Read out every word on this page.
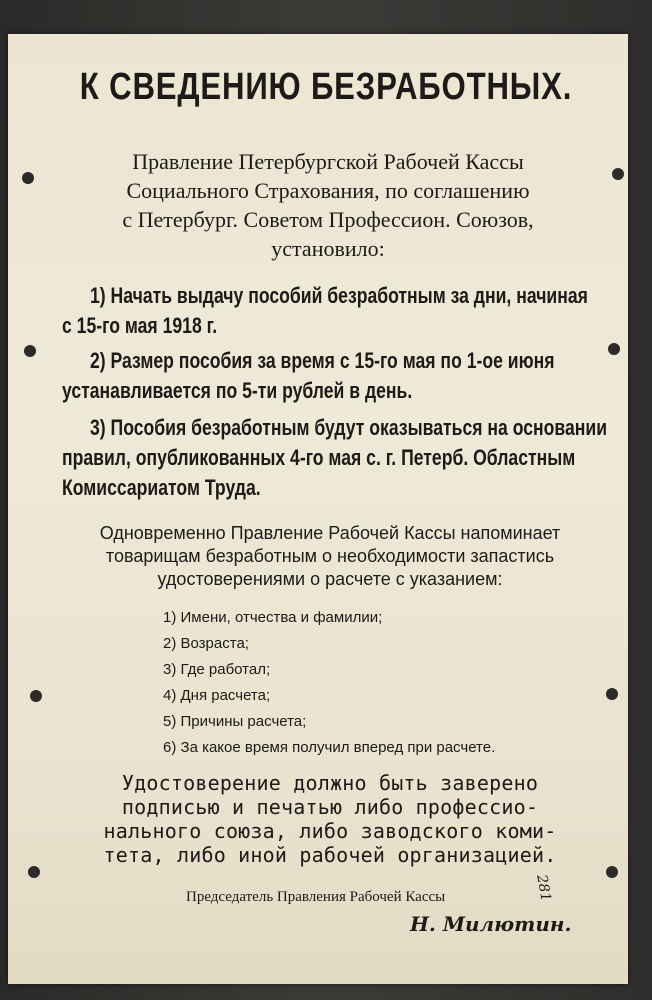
К СВЕДЕНИЮ БЕЗРАБОТНЫХ.
Правление Петербургской Рабочей Кассы
Социального Страхования, по соглашению
с Петербург. Советом Профессион. Союзов,
установило:
1) Начать выдачу пособий безработным за дни, начиная
с 15-го мая 1918 г.
2) Размер пособия за время с 15-го мая по 1-ое июня
устанавливается по 5-ти рублей в день.
3) Пособия безработным будут оказываться на основании
правил, опубликованных 4-го мая с. г. Петерб. Областным
Комиссариатом Труда.
Одновременно Правление Рабочей Кассы напоминает
товарищам безработным о необходимости запастись
удостоверениями о расчете с указанием:
1) Имени, отчества и фамилии;
2) Возраста;
3) Где работал;
4) Дня расчета;
5) Причины расчета;
6) За какое время получил вперед при расчете.
Удостоверение должно быть заверено
подписью и печатью либо профессио-
нального союза, либо заводского коми-
тета, либо иной рабочей организацией.
Председатель Правления Рабочей Кассы
Н. Милютин.
281
